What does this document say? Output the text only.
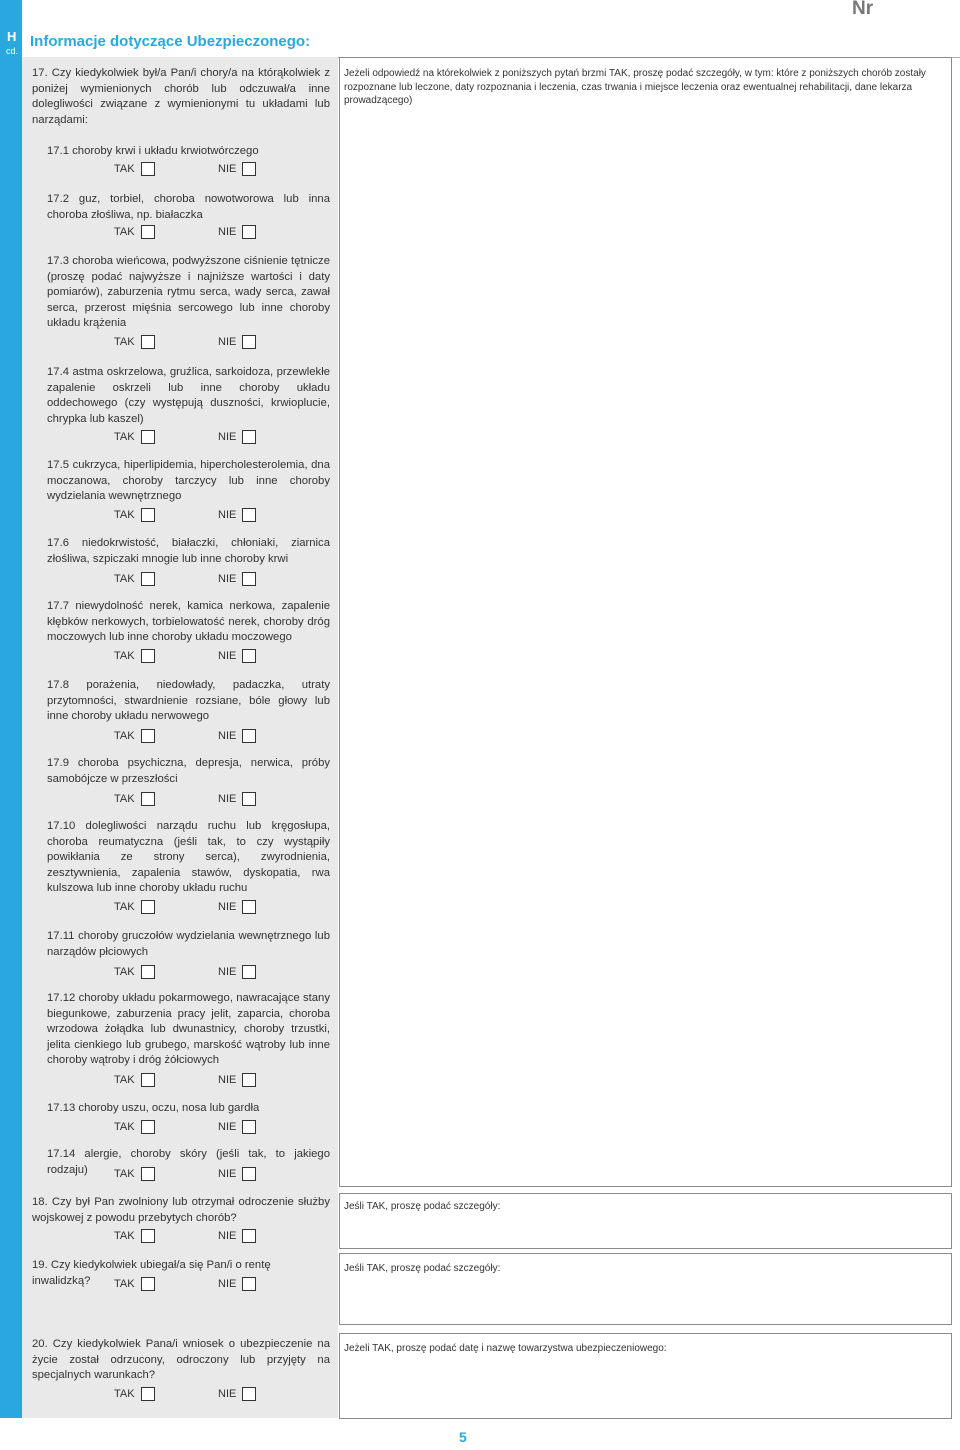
H
cd.
Informacje dotyczące Ubezpieczonego:
Nr
Jeżeli odpowiedź na którekolwiek z poniższych pytań brzmi TAK, proszę podać szczegóły, w tym: które z poniższych chorób zostały rozpoznane lub leczone, daty rozpoznania i leczenia, czas trwania i miejsce leczenia oraz ewentualnej rehabilitacji, dane lekarza prowadzącego)
Jeśli TAK, proszę podać szczegóły:
Jeśli TAK, proszę podać szczegóły:
Jeżeli TAK, proszę podać datę i nazwę towarzystwa ubezpieczeniowego:
17. Czy kiedykolwiek był/a Pan/i chory/a na którąkolwiek z poniżej wymienionych chorób lub odczuwał/a inne dolegliwości związane z wymienionymi tu układami lub narządami:
17.1 choroby krwi i układu krwiotwórczego
TAK	NIE
17.2 guz, torbiel, choroba nowotworowa lub inna choroba złośliwa, np. białaczka
TAK	NIE
17.3 choroba wieńcowa, podwyższone ciśnienie tętnicze (proszę podać najwyższe i najniższe wartości i daty pomiarów), zaburzenia rytmu serca, wady serca, zawał serca, przerost mięśnia sercowego lub inne choroby układu krążenia
TAK	NIE
17.4 astma oskrzelowa, gruźlica, sarkoidoza, przewlekłe zapalenie oskrzeli lub inne choroby układu oddechowego (czy występują duszności, krwioplucie, chrypka lub kaszel)
TAK	NIE
17.5 cukrzyca, hiperlipidemia, hipercholesterolemia, dna moczanowa, choroby tarczycy lub inne choroby wydzielania wewnętrznego
TAK	NIE
17.6 niedokrwistość, białaczki, chłoniaki, ziarnica złośliwa, szpiczaki mnogie lub inne choroby krwi
TAK	NIE
17.7 niewydolność nerek, kamica nerkowa, zapalenie kłębków nerkowych, torbielowatość nerek, choroby dróg moczowych lub inne choroby układu moczowego
TAK	NIE
17.8 porażenia, niedowłady, padaczka, utraty przytomności, stwardnienie rozsiane, bóle głowy lub inne choroby układu nerwowego
TAK	NIE
17.9 choroba psychiczna, depresja, nerwica, próby samobójcze w przeszłości
TAK	NIE
17.10 dolegliwości narządu ruchu lub kręgosłupa, choroba reumatyczna (jeśli tak, to czy wystąpiły powikłania ze strony serca), zwyrodnienia, zesztywnienia, zapalenia stawów, dyskopatia, rwa kulszowa lub inne choroby układu ruchu
TAK	NIE
17.11 choroby gruczołów wydzielania wewnętrznego lub narządów płciowych
TAK	NIE
17.12 choroby układu pokarmowego, nawracające stany biegunkowe, zaburzenia pracy jelit, zaparcia, choroba wrzodowa żołądka lub dwunastnicy, choroby trzustki, jelita cienkiego lub grubego, marskość wątroby lub inne choroby wątroby i dróg żółciowych
TAK	NIE
17.13 choroby uszu, oczu, nosa lub gardła
TAK	NIE
17.14 alergie, choroby skóry (jeśli tak, to jakiego rodzaju)	TAK	NIE
18. Czy był Pan zwolniony lub otrzymał odroczenie służby wojskowej z powodu przebytych chorób?
TAK	NIE
19. Czy kiedykolwiek ubiegał/a się Pan/i o rentę inwalidzką?	TAK	NIE
20. Czy kiedykolwiek Pana/i wniosek o ubezpieczenie na życie został odrzucony, odroczony lub przyjęty na specjalnych warunkach?
TAK	NIE
5
